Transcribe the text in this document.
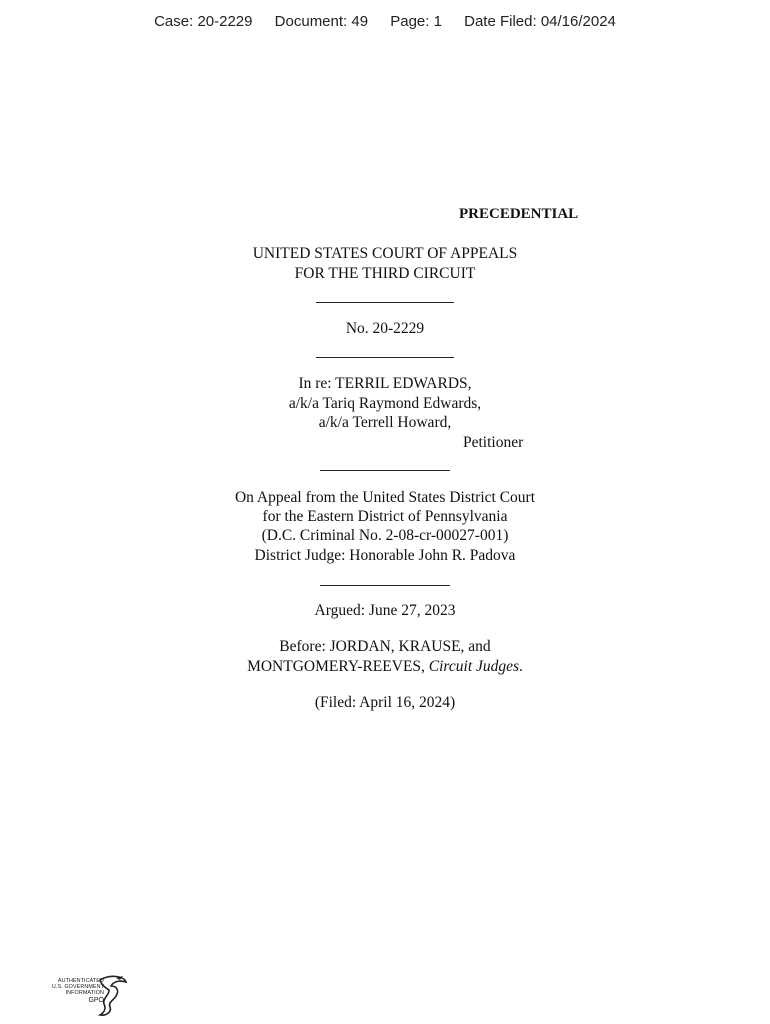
Case: 20-2229 Document: 49 Page: 1 Date Filed: 04/16/2024
PRECEDENTIAL
UNITED STATES COURT OF APPEALS
FOR THE THIRD CIRCUIT
No. 20-2229
In re: TERRIL EDWARDS,
a/k/a Tariq Raymond Edwards,
a/k/a Terrell Howard,
Petitioner
On Appeal from the United States District Court
for the Eastern District of Pennsylvania
(D.C. Criminal No. 2-08-cr-00027-001)
District Judge: Honorable John R. Padova
Argued: June 27, 2023
Before: JORDAN, KRAUSE, and
MONTGOMERY-REEVES, Circuit Judges.
(Filed: April 16, 2024)
AUTHENTICATED
U.S. GOVERNMENT
INFORMATION
GPO
